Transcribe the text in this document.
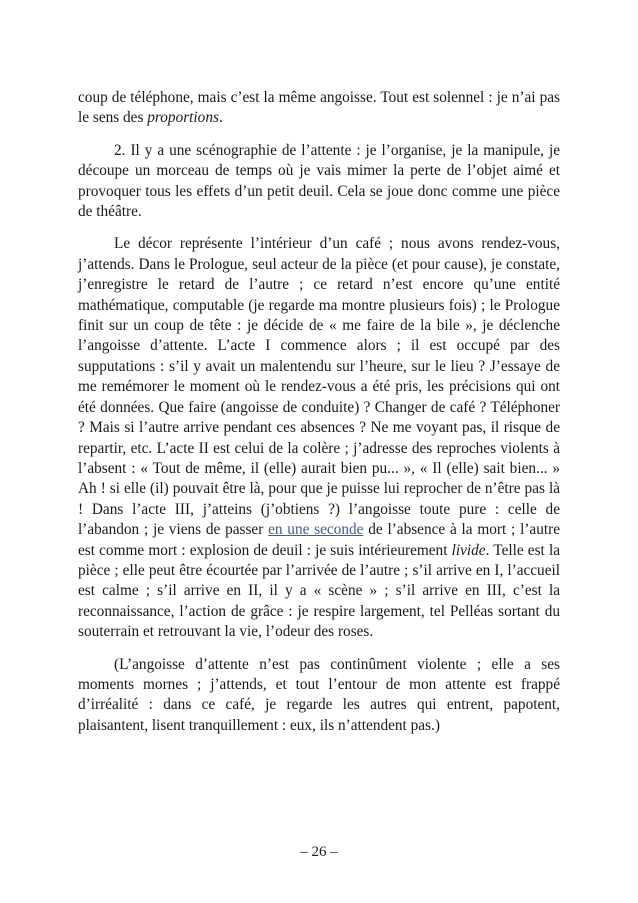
coup de téléphone, mais c’est la même angoisse. Tout est solennel : je n’ai pas le sens des proportions.

2. Il y a une scénographie de l’attente : je l’organise, je la manipule, je découpe un morceau de temps où je vais mimer la perte de l’objet aimé et provoquer tous les effets d’un petit deuil. Cela se joue donc comme une pièce de théâtre.

Le décor représente l’intérieur d’un café ; nous avons rendez-vous, j’attends. Dans le Prologue, seul acteur de la pièce (et pour cause), je constate, j’enregistre le retard de l’autre ; ce retard n’est encore qu’une entité mathématique, computable (je regarde ma montre plusieurs fois) ; le Prologue finit sur un coup de tête : je décide de « me faire de la bile », je déclenche l’angoisse d’attente. L’acte I commence alors ; il est occupé par des supputations : s’il y avait un malentendu sur l’heure, sur le lieu ? J’essaye de me remémorer le moment où le rendez-vous a été pris, les précisions qui ont été données. Que faire (angoisse de conduite) ? Changer de café ? Téléphoner ? Mais si l’autre arrive pendant ces absences ? Ne me voyant pas, il risque de repartir, etc. L’acte II est celui de la colère ; j’adresse des reproches violents à l’absent : « Tout de même, il (elle) aurait bien pu... », « Il (elle) sait bien... » Ah ! si elle (il) pouvait être là, pour que je puisse lui reprocher de n’être pas là ! Dans l’acte III, j’atteins (j’obtiens ?) l’angoisse toute pure : celle de l’abandon ; je viens de passer en une seconde de l’absence à la mort ; l’autre est comme mort : explosion de deuil : je suis intérieurement livide. Telle est la pièce ; elle peut être écourtée par l’arrivée de l’autre ; s’il arrive en I, l’accueil est calme ; s’il arrive en II, il y a « scène » ; s’il arrive en III, c’est la reconnaissance, l’action de grâce : je respire largement, tel Pelléas sortant du souterrain et retrouvant la vie, l’odeur des roses.

(L’angoisse d’attente n’est pas continûment violente ; elle a ses moments mornes ; j’attends, et tout l’entour de mon attente est frappé d’irréalité : dans ce café, je regarde les autres qui entrent, papotent, plaisantent, lisent tranquillement : eux, ils n’attendent pas.)

– 26 –
